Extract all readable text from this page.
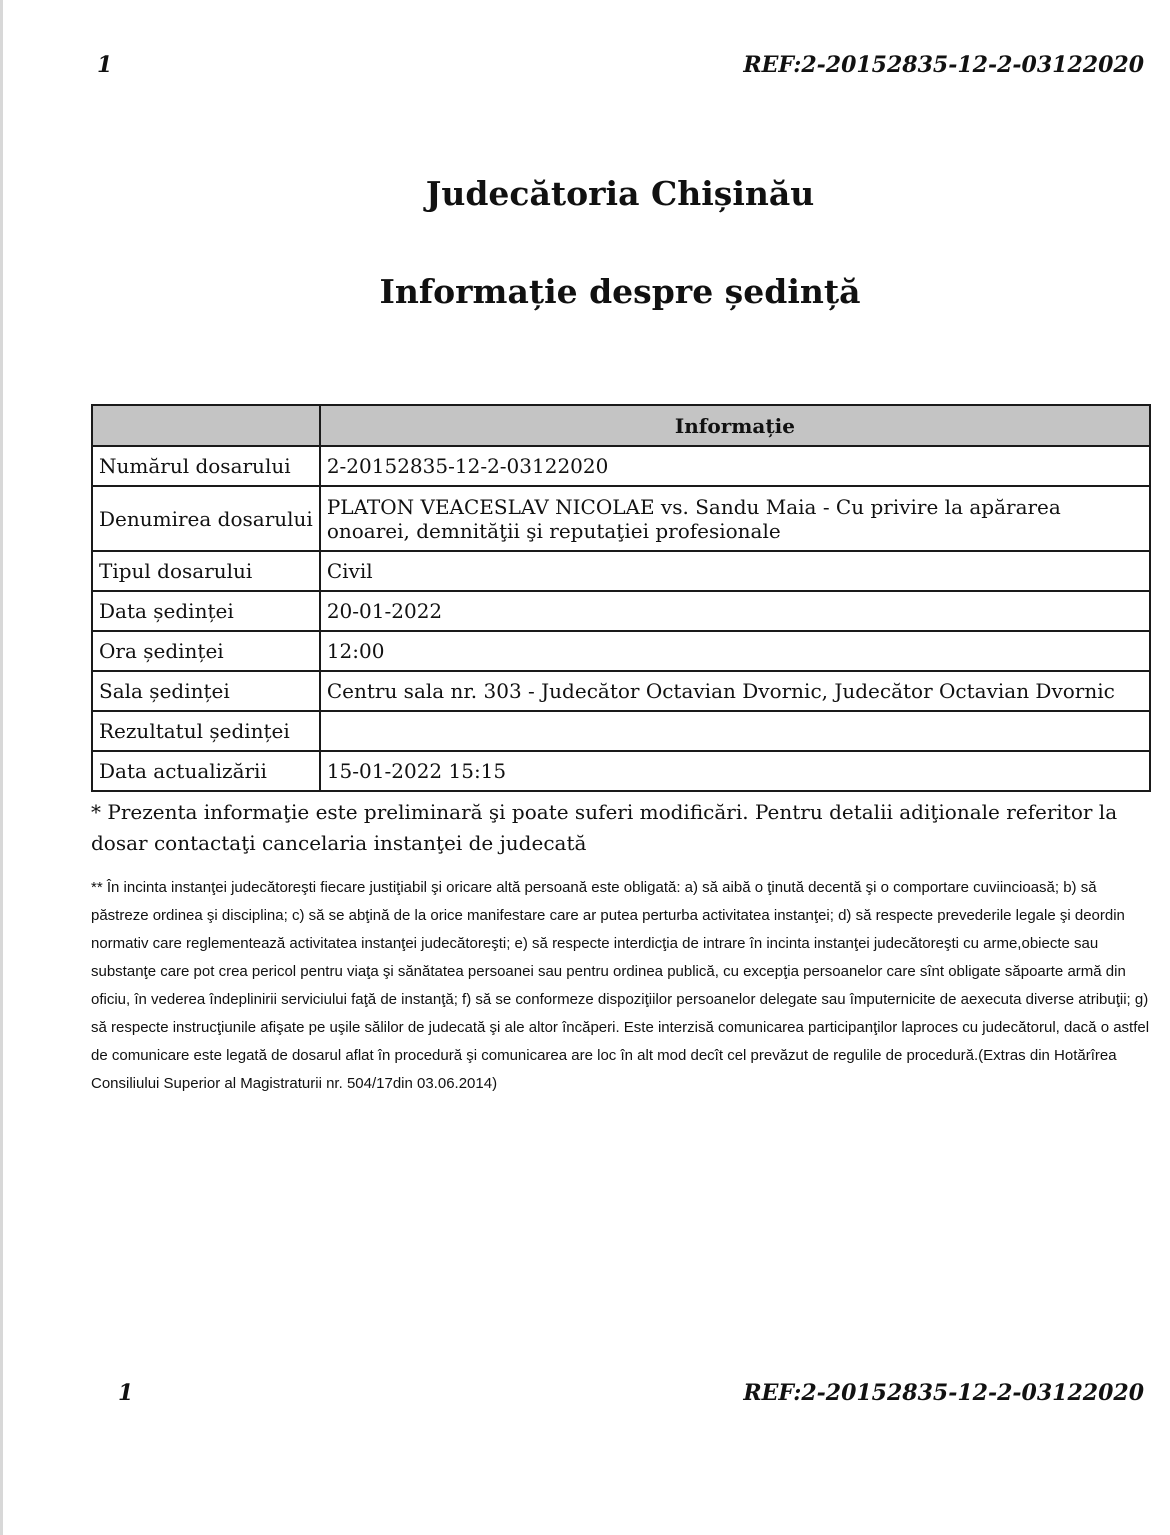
1	REF:2-20152835-12-2-03122020
Judecătoria Chișinău
Informație despre ședință
	Informație
Numărul dosarului	2-20152835-12-2-03122020
Denumirea dosarului	PLATON VEACESLAV NICOLAE vs. Sandu Maia - Cu privire la apărarea onoarei, demnităţii şi reputaţiei profesionale
Tipul dosarului	Civil
Data ședinței	20-01-2022
Ora ședinței	12:00
Sala ședinței	Centru sala nr. 303 - Judecător Octavian Dvornic, Judecător Octavian Dvornic
Rezultatul ședinței	
Data actualizării	15-01-2022 15:15
* Prezenta informaţie este preliminară şi poate suferi modificări. Pentru detalii adiţionale referitor la dosar contactaţi cancelaria instanţei de judecată
** În incinta instanţei judecătoreşti fiecare justiţiabil şi oricare altă persoană este obligată: a) să aibă o ţinută decentă şi o comportare cuviincioasă; b) să păstreze ordinea şi disciplina; c) să se abţină de la orice manifestare care ar putea perturba activitatea instanţei; d) să respecte prevederile legale şi deordin normativ care reglementează activitatea instanţei judecătoreşti; e) să respecte interdicţia de intrare în incinta instanţei judecătoreşti cu arme,obiecte sau substanţe care pot crea pericol pentru viaţa şi sănătatea persoanei sau pentru ordinea publică, cu excepţia persoanelor care sînt obligate săpoarte armă din oficiu, în vederea îndeplinirii serviciului faţă de instanţă; f) să se conformeze dispoziţiilor persoanelor delegate sau împuternicite de aexecuta diverse atribuţii; g) să respecte instrucţiunile afişate pe uşile sălilor de judecată şi ale altor încăperi. Este interzisă comunicarea participanţilor laproces cu judecătorul, dacă o astfel de comunicare este legată de dosarul aflat în procedură şi comunicarea are loc în alt mod decît cel prevăzut de regulile de procedură.(Extras din Hotărîrea Consiliului Superior al Magistraturii nr. 504/17din 03.06.2014)
1	REF:2-20152835-12-2-03122020
